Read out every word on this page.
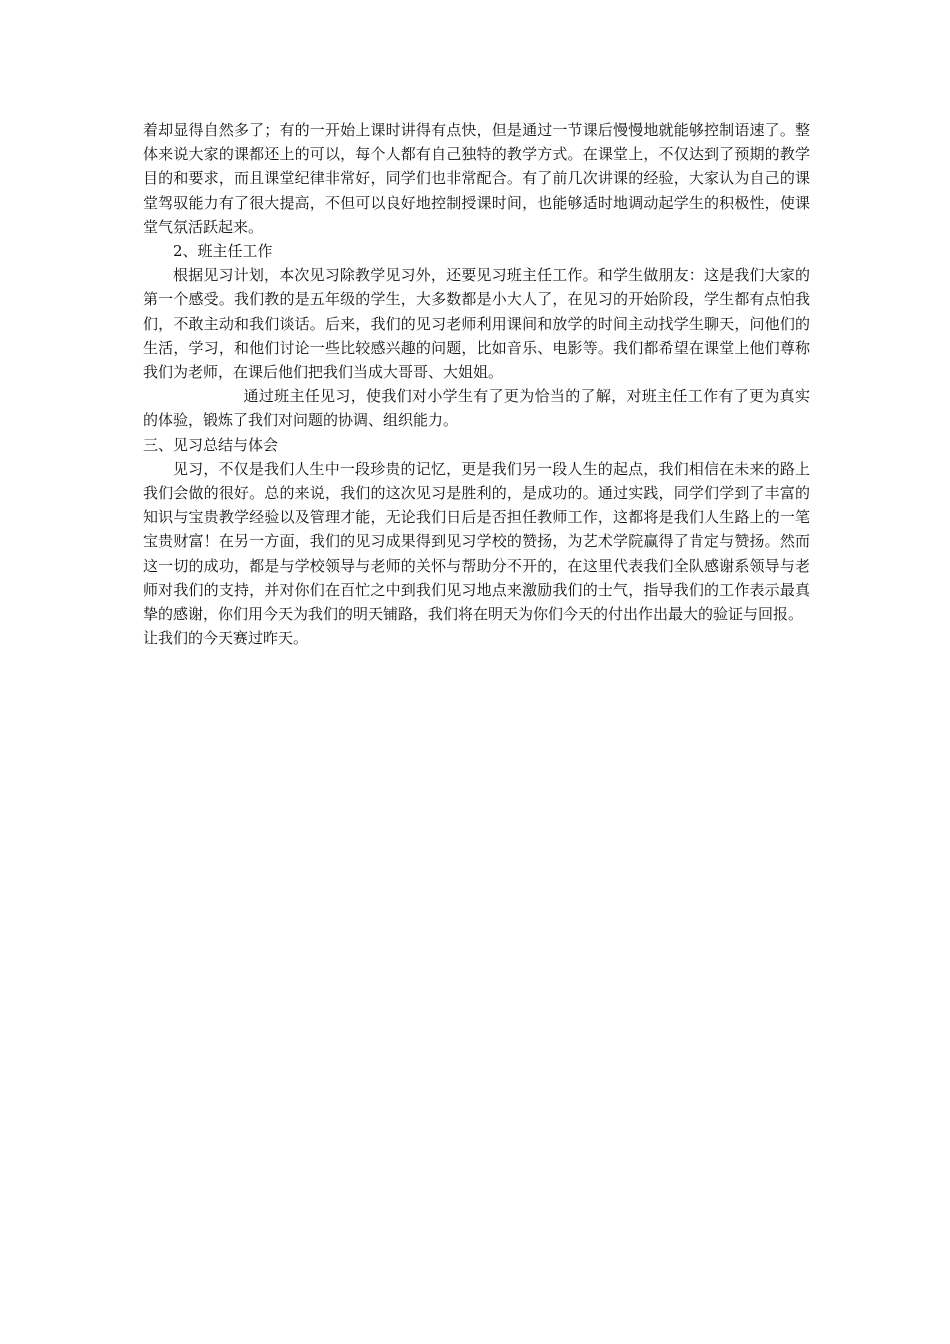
着却显得自然多了；有的一开始上课时讲得有点快，但是通过一节课后慢慢地就能够控制语速了。整体来说大家的课都还上的可以，每个人都有自己独特的教学方式。在课堂上，不仅达到了预期的教学目的和要求，而且课堂纪律非常好，同学们也非常配合。有了前几次讲课的经验，大家认为自己的课堂驾驭能力有了很大提高，不但可以良好地控制授课时间，也能够适时地调动起学生的积极性，使课堂气氛活跃起来。

2、班主任工作

根据见习计划，本次见习除教学见习外，还要见习班主任工作。和学生做朋友：这是我们大家的第一个感受。我们教的是五年级的学生，大多数都是小大人了，在见习的开始阶段，学生都有点怕我们，不敢主动和我们谈话。后来，我们的见习老师利用课间和放学的时间主动找学生聊天，问他们的生活，学习，和他们讨论一些比较感兴趣的问题，比如音乐、电影等。我们都希望在课堂上他们尊称我们为老师，在课后他们把我们当成大哥哥、大姐姐。

通过班主任见习，使我们对小学生有了更为恰当的了解，对班主任工作有了更为真实的体验，锻炼了我们对问题的协调、组织能力。

三、见习总结与体会

见习，不仅是我们人生中一段珍贵的记忆，更是我们另一段人生的起点，我们相信在未来的路上我们会做的很好。总的来说，我们的这次见习是胜利的，是成功的。通过实践，同学们学到了丰富的知识与宝贵教学经验以及管理才能，无论我们日后是否担任教师工作，这都将是我们人生路上的一笔宝贵财富！在另一方面，我们的见习成果得到见习学校的赞扬，为艺术学院赢得了肯定与赞扬。然而这一切的成功，都是与学校领导与老师的关怀与帮助分不开的，在这里代表我们全队感谢系领导与老师对我们的支持，并对你们在百忙之中到我们见习地点来激励我们的士气，指导我们的工作表示最真挚的感谢，你们用今天为我们的明天铺路，我们将在明天为你们今天的付出作出最大的验证与回报。

让我们的今天赛过昨天。
